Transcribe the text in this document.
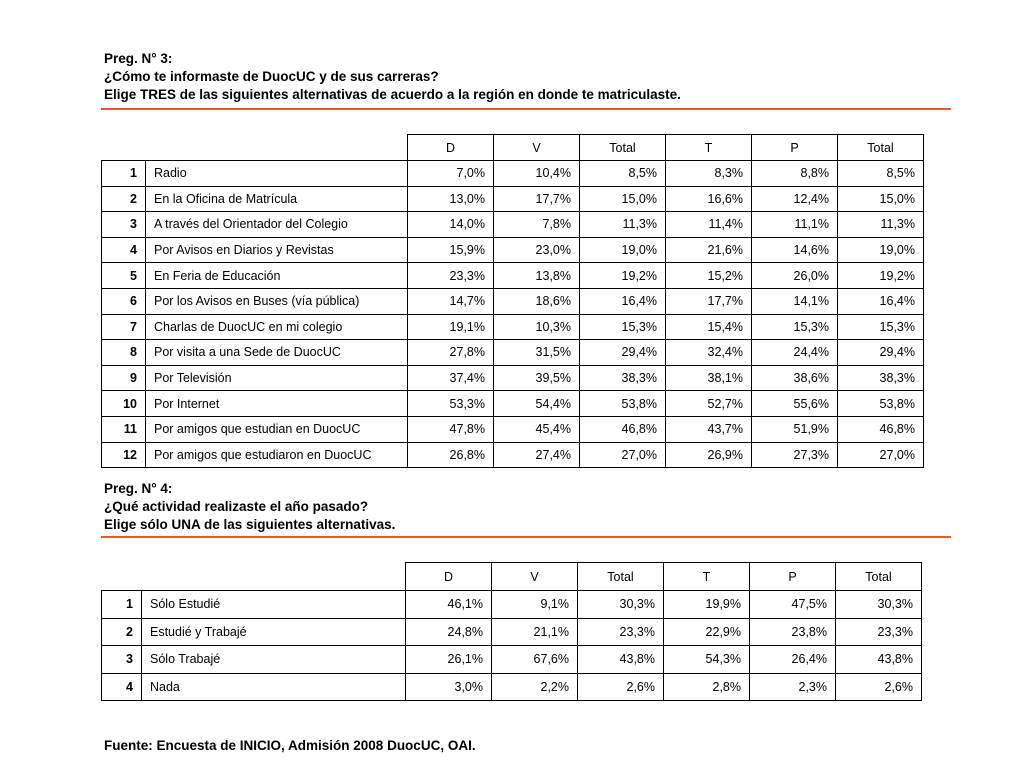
Preg. N° 3:
¿Cómo te informaste de DuocUC y de sus carreras?
Elige TRES de las siguientes alternativas de acuerdo a la región en donde te matriculaste.
		D	V	Total	T	P	Total
1	Radio	7,0%	10,4%	8,5%	8,3%	8,8%	8,5%
2	En la Oficina de Matrícula	13,0%	17,7%	15,0%	16,6%	12,4%	15,0%
3	A través del Orientador del Colegio	14,0%	7,8%	11,3%	11,4%	11,1%	11,3%
4	Por Avisos en Diarios y Revistas	15,9%	23,0%	19,0%	21,6%	14,6%	19,0%
5	En Feria de Educación	23,3%	13,8%	19,2%	15,2%	26,0%	19,2%
6	Por los Avisos en Buses (vía pública)	14,7%	18,6%	16,4%	17,7%	14,1%	16,4%
7	Charlas de DuocUC en mi colegio	19,1%	10,3%	15,3%	15,4%	15,3%	15,3%
8	Por visita a una Sede de DuocUC	27,8%	31,5%	29,4%	32,4%	24,4%	29,4%
9	Por Televisión	37,4%	39,5%	38,3%	38,1%	38,6%	38,3%
10	Por Internet	53,3%	54,4%	53,8%	52,7%	55,6%	53,8%
11	Por amigos que estudian en DuocUC	47,8%	45,4%	46,8%	43,7%	51,9%	46,8%
12	Por amigos que estudiaron en DuocUC	26,8%	27,4%	27,0%	26,9%	27,3%	27,0%
Preg. N° 4:
¿Qué actividad realizaste el año pasado?
Elige sólo UNA de las siguientes alternativas.
		D	V	Total	T	P	Total
1	Sólo Estudié	46,1%	9,1%	30,3%	19,9%	47,5%	30,3%
2	Estudié y Trabajé	24,8%	21,1%	23,3%	22,9%	23,8%	23,3%
3	Sólo Trabajé	26,1%	67,6%	43,8%	54,3%	26,4%	43,8%
4	Nada	3,0%	2,2%	2,6%	2,8%	2,3%	2,6%
Fuente: Encuesta de INICIO, Admisión 2008 DuocUC, OAI.
